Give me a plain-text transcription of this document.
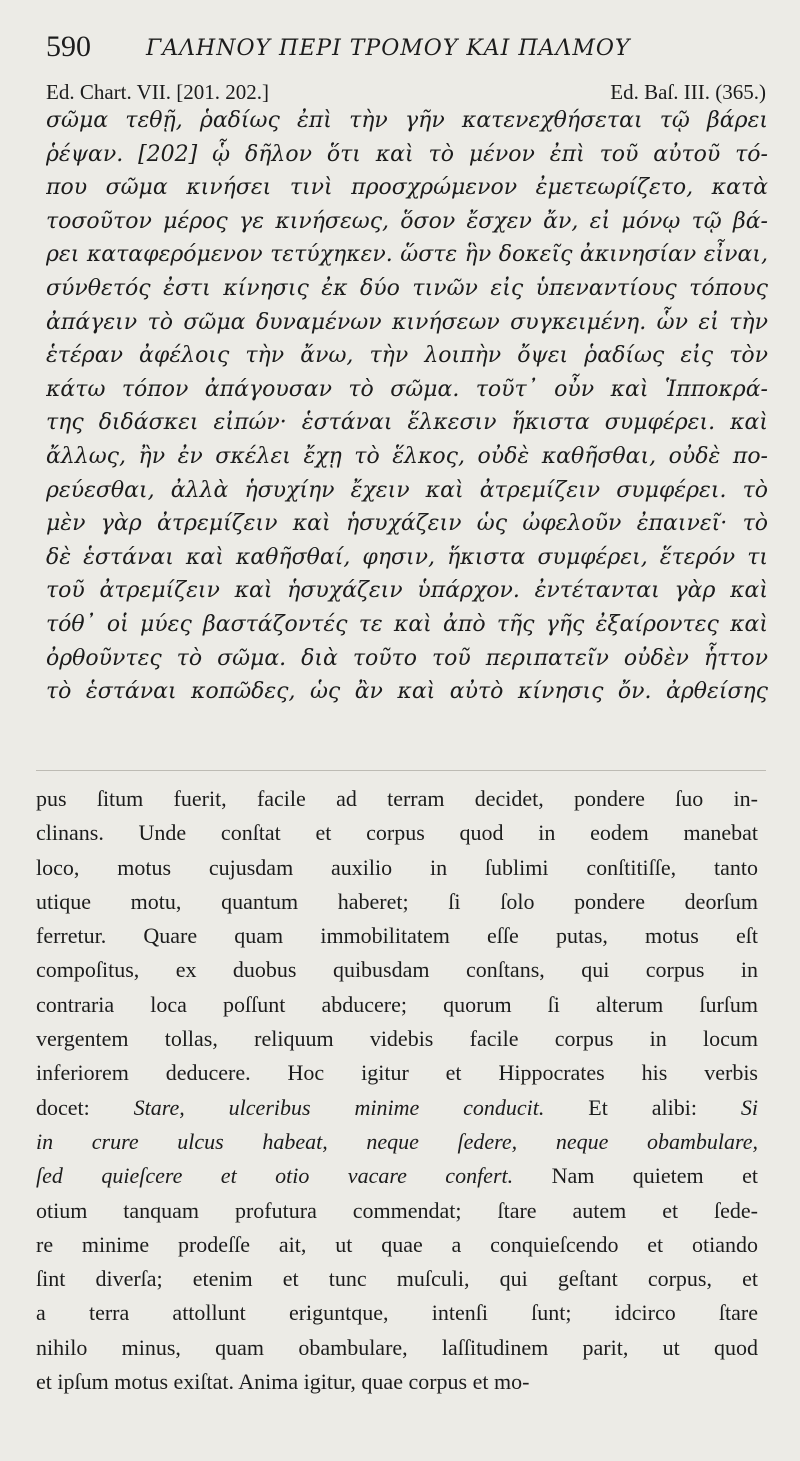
590	ΓΑΛΗΝΟΥ ΠΕΡΙ ΤΡΟΜΟΥ ΚΑΙ ΠΑΛΜΟΥ
Ed. Chart. VII. [201. 202.]	Ed. Baſ. III. (365.)
σῶμα τεθῇ, ῥαδίως ἐπὶ τὴν γῆν κατενεχθήσεται τῷ βάρει
ῥέψαν. [202] ᾧ δῆλον ὅτι καὶ τὸ μένον ἐπὶ τοῦ αὐτοῦ τό-
που σῶμα κινήσει τινὶ προσχρώμενον ἐμετεωρίζετο, κατὰ
τοσοῦτον μέρος γε κινήσεως, ὅσον ἔσχεν ἄν, εἰ μόνῳ τῷ βά-
ρει καταφερόμενον τετύχηκεν. ὥστε ἣν δοκεῖς ἀκινησίαν εἶναι,
σύνθετός ἐστι κίνησις ἐκ δύο τινῶν εἰς ὑπεναντίους τόπους
ἀπάγειν τὸ σῶμα δυναμένων κινήσεων συγκειμένη. ὧν εἰ τὴν
ἑτέραν ἀφέλοις τὴν ἄνω, τὴν λοιπὴν ὄψει ῥαδίως εἰς τὸν
κάτω τόπον ἀπάγουσαν τὸ σῶμα. τοῦτ᾽ οὖν καὶ Ἱπποκρά-
της διδάσκει εἰπών· ἑστάναι ἕλκεσιν ἥκιστα συμφέρει. καὶ
ἄλλως, ἢν ἐν σκέλει ἔχῃ τὸ ἕλκος, οὐδὲ καθῆσθαι, οὐδὲ πο-
ρεύεσθαι, ἀλλὰ ἡσυχίην ἔχειν καὶ ἀτρεμίζειν συμφέρει. τὸ
μὲν γὰρ ἀτρεμίζειν καὶ ἡσυχάζειν ὡς ὠφελοῦν ἐπαινεῖ· τὸ
δὲ ἑστάναι καὶ καθῆσθαί, φησιν, ἥκιστα συμφέρει, ἕτερόν τι
τοῦ ἀτρεμίζειν καὶ ἡσυχάζειν ὑπάρχον. ἐντέτανται γὰρ καὶ
τόθ᾽ οἱ μύες βαστάζοντές τε καὶ ἀπὸ τῆς γῆς ἐξαίροντες καὶ
ὀρθοῦντες τὸ σῶμα. διὰ τοῦτο τοῦ περιπατεῖν οὐδὲν ἧττον
τὸ ἑστάναι κοπῶδες, ὡς ἂν καὶ αὐτὸ κίνησις ὄν. ἀρθείσης
pus ſitum fuerit, facile ad terram decidet, pondere ſuo in-
clinans. Unde conſtat et corpus quod in eodem manebat
loco, motus cujusdam auxilio in ſublimi conſtitiſſe, tanto
utique motu, quantum haberet; ſi ſolo pondere deorſum
ferretur. Quare quam immobilitatem eſſe putas, motus eſt
compoſitus, ex duobus quibusdam conſtans, qui corpus in
contraria loca poſſunt abducere; quorum ſi alterum ſurſum
vergentem tollas, reliquum videbis facile corpus in locum
inferiorem deducere. Hoc igitur et Hippocrates his verbis
docet: Stare, ulceribus minime conducit. Et alibi: Si
in crure ulcus habeat, neque ſedere, neque obambulare,
ſed quieſcere et otio vacare confert. Nam quietem et
otium tanquam profutura commendat; ſtare autem et ſede-
re minime prodeſſe ait, ut quae a conquieſcendo et otiando
ſint diverſa; etenim et tunc muſculi, qui geſtant corpus, et
a terra attollunt eriguntque, intenſi ſunt; idcirco ſtare
nihilo minus, quam obambulare, laſſitudinem parit, ut quod
et ipſum motus exiſtat. Anima igitur, quae corpus et mo-
